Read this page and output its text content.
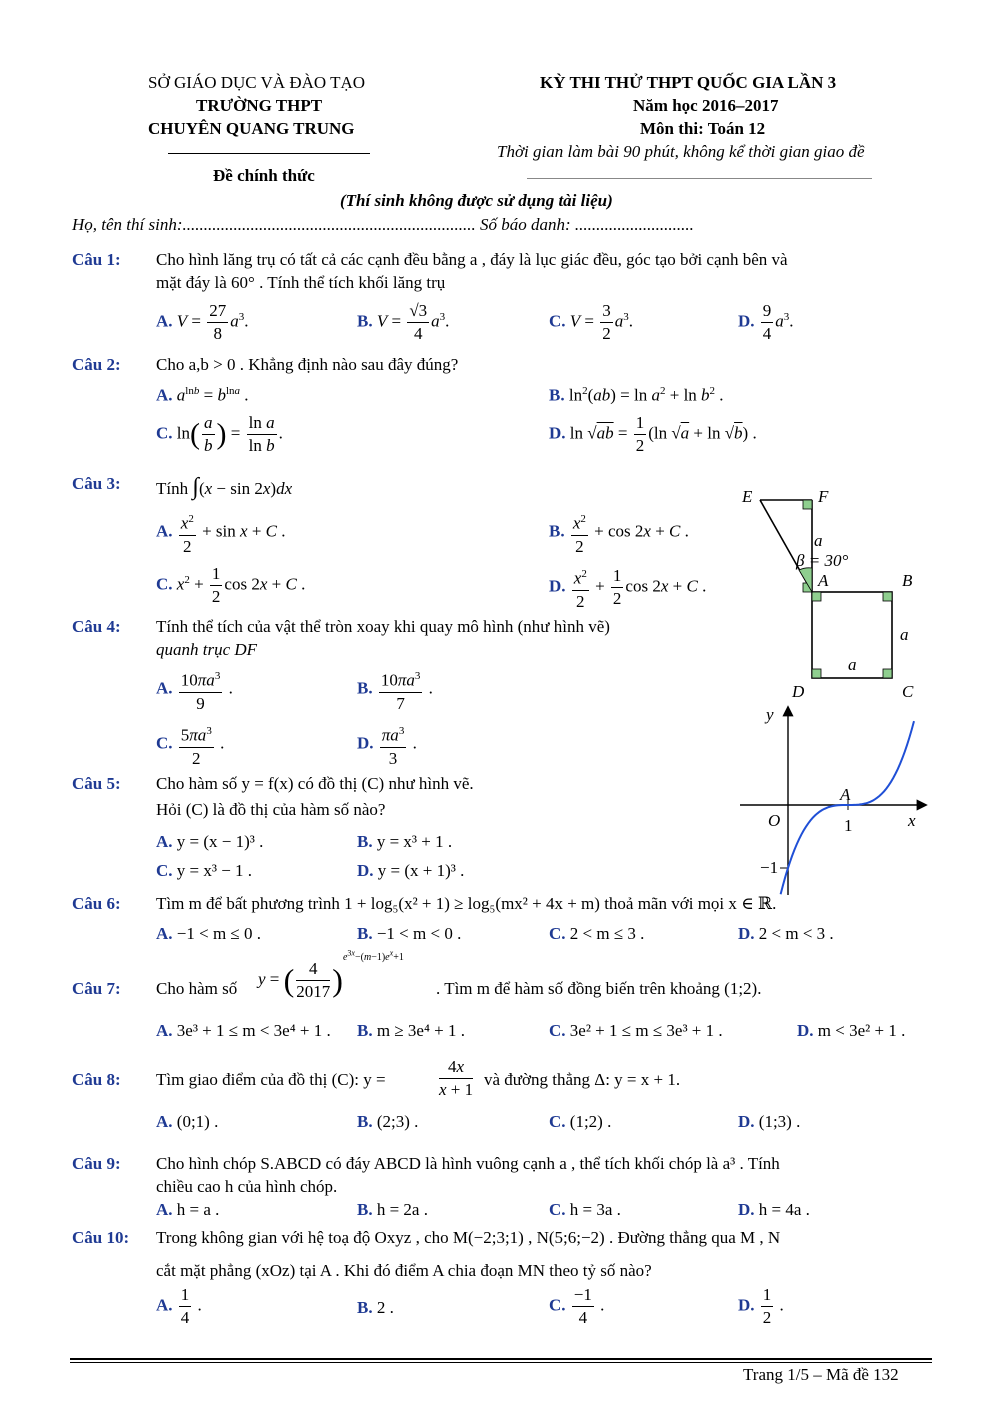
SỞ GIÁO DỤC VÀ ĐÀO TẠO
TRƯỜNG THPT
CHUYÊN QUANG TRUNG
Đề chính thức
KỲ THI THỬ THPT QUỐC GIA LẦN 3
Năm học 2016–2017
Môn thi: Toán 12
Thời gian làm bài 90 phút, không kể thời gian giao đề
(Thí sinh không được sử dụng tài liệu)
Họ, tên thí sinh:..................................................................... Số báo danh: ............................
Câu 1: Cho hình lăng trụ có tất cả các cạnh đều bằng a , đáy là lục giác đều, góc tạo bởi cạnh bên và
mặt đáy là 60° . Tính thể tích khối lăng trụ
A. $V = \frac{27}{8} a^3$.	B. $V = \frac{√3}{4} a^3$.	C. $V = \frac{3}{2} a^3$.	D. $\frac{9}{4} a^3$.
Câu 2: Cho a,b > 0 . Khẳng định nào sau đây đúng?
A. $a^{lnb} = b^{lna}$ .	B. $\ln^2(ab) = \ln a^2 + \ln b^2$ .
C. $\ln( \frac{a}{b}$ ) = $\frac{\text{ln a}}{\text{ln b}}$ .	D. $\ln √ab = \frac{1}{2} (\ln$ √a + ln √b) .
Câu 3: Tính ∫(x − sin 2x)dx
A. $\frac{x^2}{2} + \sin x + C$ .	B. $\frac{x^2}{2} + \cos 2x + C$ .
C. $x^2 + \frac{1}{2}$ cos 2x + C .	D. $\frac{x^2}{2} + \frac{1}{2}$ cos 2x + C .
Câu 4: Tính thể tích của vật thể tròn xoay khi quay mô hình (như hình vẽ)
quanh trục DF
A. $\frac{10\pi a^3}{9}$ .	B. $\frac{10\pi a^3}{7}$ .
C. $\frac{5\pi a^3}{2}$ .	D. $\frac{\pi a^3}{3}$ .
Câu 5: Cho hàm số y = f(x) có đồ thị (C) như hình vẽ.
Hỏi (C) là đồ thị của hàm số nào?
A. y = (x − 1)³ .	B. y = x³ + 1 .
C. y = x³ − 1 .	D. y = (x + 1)³ .
Câu 6: Tìm m để bất phương trình 1 + log₅(x² + 1) ≥ log₅(mx² + 4x + m) thoả mãn với mọi x ∈ ℝ.
A. −1 < m ≤ 0 .	B. −1 < m < 0 .	C. 2 < m ≤ 3 .	D. 2 < m < 3 .
Câu 7: Cho hàm số
y = ( $\frac{4}{2017} )^{e^{3x}-(m-1)e^x+1}$
. Tìm m để hàm số đồng biến trên khoảng (1;2).
A. 3e³ + 1 ≤ m < 3e⁴ + 1 . B. m ≥ 3e⁴ + 1 .	C. 3e² + 1 ≤ m ≤ 3e³ + 1 .	D. m < 3e² + 1 .
Câu 8: Tìm giao điểm của đồ thị (C): y =	$\frac{4x}{x + 1}$ và đường thẳng Δ: y = x + 1.
A. (0;1) .	B. (2;3) .	C. (1;2) .	D. (1;3) .
Câu 9: Cho hình chóp S.ABCD có đáy ABCD là hình vuông cạnh a , thể tích khối chóp là a³ . Tính
chiều cao h của hình chóp.
A. h = a .	B. h = 2a .	C. h = 3a .	D. h = 4a .
Câu 10: Trong không gian với hệ toạ độ Oxyz , cho M(−2;3;1) , N(5;6;−2) . Đường thẳng qua M , N
cắt mặt phẳng (xOz) tại A . Khi đó điểm A chia đoạn MN theo tỷ số nào?
A. $\frac{1}{4}$ .	B. 2 .	C. $\frac{-1}{4}$ .	D. $\frac{1}{2}$ .
E	F
a
β = 30°
A	B
a
a
D	C
y
x
O
A
1
−1
Trang 1/5 – Mã đề 132
